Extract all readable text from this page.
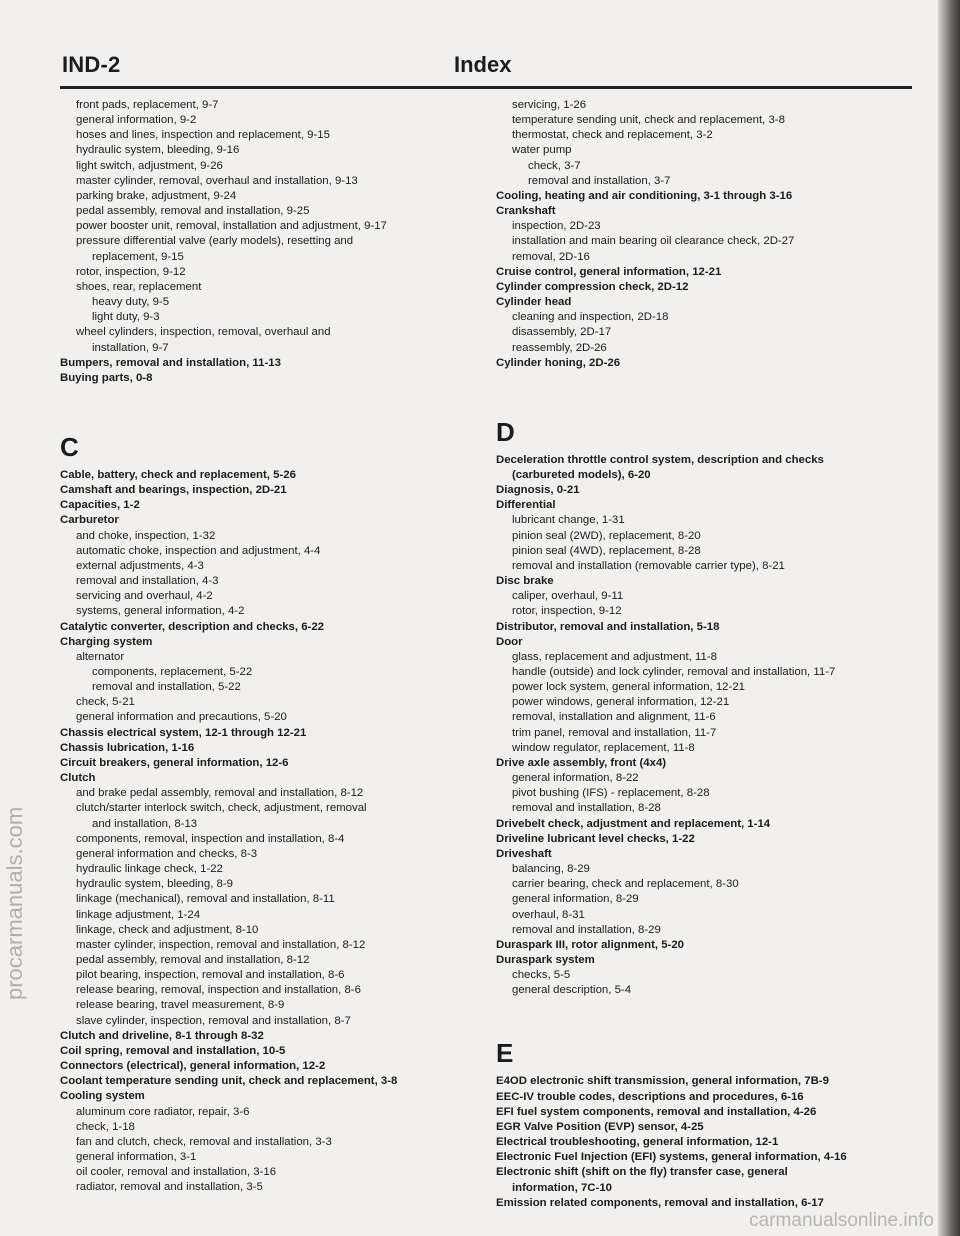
IND-2	Index
front pads, replacement, 9-7
general information, 9-2
hoses and lines, inspection and replacement, 9-15
hydraulic system, bleeding, 9-16
light switch, adjustment, 9-26
master cylinder, removal, overhaul and installation, 9-13
parking brake, adjustment, 9-24
pedal assembly, removal and installation, 9-25
power booster unit, removal, installation and adjustment, 9-17
pressure differential valve (early models), resetting and
replacement, 9-15
rotor, inspection, 9-12
shoes, rear, replacement
heavy duty, 9-5
light duty, 9-3
wheel cylinders, inspection, removal, overhaul and
installation, 9-7
Bumpers, removal and installation, 11-13
Buying parts, 0-8
C
Cable, battery, check and replacement, 5-26
Camshaft and bearings, inspection, 2D-21
Capacities, 1-2
Carburetor
and choke, inspection, 1-32
automatic choke, inspection and adjustment, 4-4
external adjustments, 4-3
removal and installation, 4-3
servicing and overhaul, 4-2
systems, general information, 4-2
Catalytic converter, description and checks, 6-22
Charging system
alternator
components, replacement, 5-22
removal and installation, 5-22
check, 5-21
general information and precautions, 5-20
Chassis electrical system, 12-1 through 12-21
Chassis lubrication, 1-16
Circuit breakers, general information, 12-6
Clutch
and brake pedal assembly, removal and installation, 8-12
clutch/starter interlock switch, check, adjustment, removal
and installation, 8-13
components, removal, inspection and installation, 8-4
general information and checks, 8-3
hydraulic linkage check, 1-22
hydraulic system, bleeding, 8-9
linkage (mechanical), removal and installation, 8-11
linkage adjustment, 1-24
linkage, check and adjustment, 8-10
master cylinder, inspection, removal and installation, 8-12
pedal assembly, removal and installation, 8-12
pilot bearing, inspection, removal and installation, 8-6
release bearing, removal, inspection and installation, 8-6
release bearing, travel measurement, 8-9
slave cylinder, inspection, removal and installation, 8-7
Clutch and driveline, 8-1 through 8-32
Coil spring, removal and installation, 10-5
Connectors (electrical), general information, 12-2
Coolant temperature sending unit, check and replacement, 3-8
Cooling system
aluminum core radiator, repair, 3-6
check, 1-18
fan and clutch, check, removal and installation, 3-3
general information, 3-1
oil cooler, removal and installation, 3-16
radiator, removal and installation, 3-5
servicing, 1-26
temperature sending unit, check and replacement, 3-8
thermostat, check and replacement, 3-2
water pump
check, 3-7
removal and installation, 3-7
Cooling, heating and air conditioning, 3-1 through 3-16
Crankshaft
inspection, 2D-23
installation and main bearing oil clearance check, 2D-27
removal, 2D-16
Cruise control, general information, 12-21
Cylinder compression check, 2D-12
Cylinder head
cleaning and inspection, 2D-18
disassembly, 2D-17
reassembly, 2D-26
Cylinder honing, 2D-26
D
Deceleration throttle control system, description and checks
(carbureted models), 6-20
Diagnosis, 0-21
Differential
lubricant change, 1-31
pinion seal (2WD), replacement, 8-20
pinion seal (4WD), replacement, 8-28
removal and installation (removable carrier type), 8-21
Disc brake
caliper, overhaul, 9-11
rotor, inspection, 9-12
Distributor, removal and installation, 5-18
Door
glass, replacement and adjustment, 11-8
handle (outside) and lock cylinder, removal and installation, 11-7
power lock system, general information, 12-21
power windows, general information, 12-21
removal, installation and alignment, 11-6
trim panel, removal and installation, 11-7
window regulator, replacement, 11-8
Drive axle assembly, front (4x4)
general information, 8-22
pivot bushing (IFS) - replacement, 8-28
removal and installation, 8-28
Drivebelt check, adjustment and replacement, 1-14
Driveline lubricant level checks, 1-22
Driveshaft
balancing, 8-29
carrier bearing, check and replacement, 8-30
general information, 8-29
overhaul, 8-31
removal and installation, 8-29
Duraspark III, rotor alignment, 5-20
Duraspark system
checks, 5-5
general description, 5-4
E
E4OD electronic shift transmission, general information, 7B-9
EEC-IV trouble codes, descriptions and procedures, 6-16
EFI fuel system components, removal and installation, 4-26
EGR Valve Position (EVP) sensor, 4-25
Electrical troubleshooting, general information, 12-1
Electronic Fuel Injection (EFI) systems, general information, 4-16
Electronic shift (shift on the fly) transfer case, general
information, 7C-10
Emission related components, removal and installation, 6-17
procarmanuals.com
carmanualsonline.info
